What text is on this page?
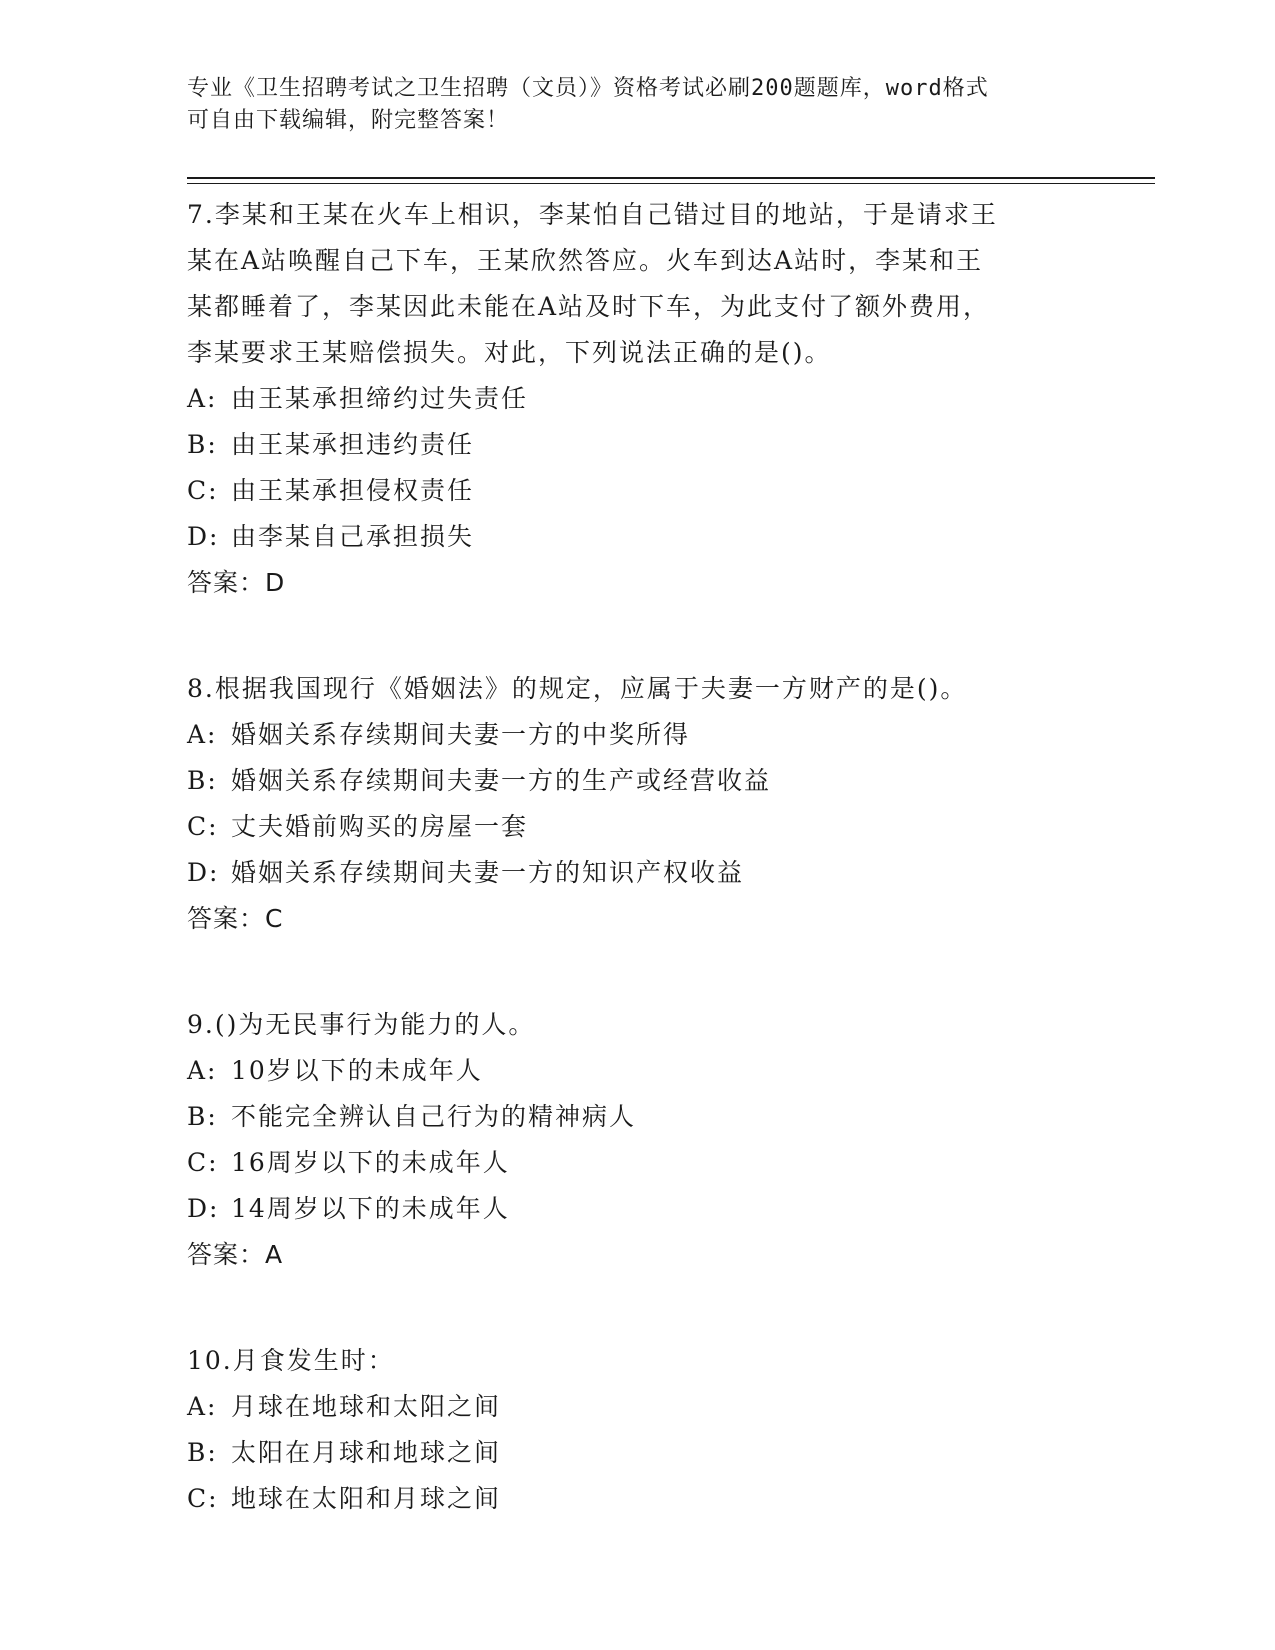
专业《卫生招聘考试之卫生招聘（文员）》资格考试必刷200题题库，word格式
可自由下载编辑，附完整答案！
7.李某和王某在火车上相识，李某怕自己错过目的地站，于是请求王
某在A站唤醒自己下车，王某欣然答应。火车到达A站时，李某和王
某都睡着了，李某因此未能在A站及时下车，为此支付了额外费用，
李某要求王某赔偿损失。对此，下列说法正确的是()。
A: 由王某承担缔约过失责任
B: 由王某承担违约责任
C: 由王某承担侵权责任
D: 由李某自己承担损失
答案：D
8.根据我国现行《婚姻法》的规定，应属于夫妻一方财产的是()。
A: 婚姻关系存续期间夫妻一方的中奖所得
B: 婚姻关系存续期间夫妻一方的生产或经营收益
C: 丈夫婚前购买的房屋一套
D: 婚姻关系存续期间夫妻一方的知识产权收益
答案：C
9.()为无民事行为能力的人。
A: 10岁以下的未成年人
B: 不能完全辨认自己行为的精神病人
C: 16周岁以下的未成年人
D: 14周岁以下的未成年人
答案：A
10.月食发生时：
A: 月球在地球和太阳之间
B: 太阳在月球和地球之间
C: 地球在太阳和月球之间
